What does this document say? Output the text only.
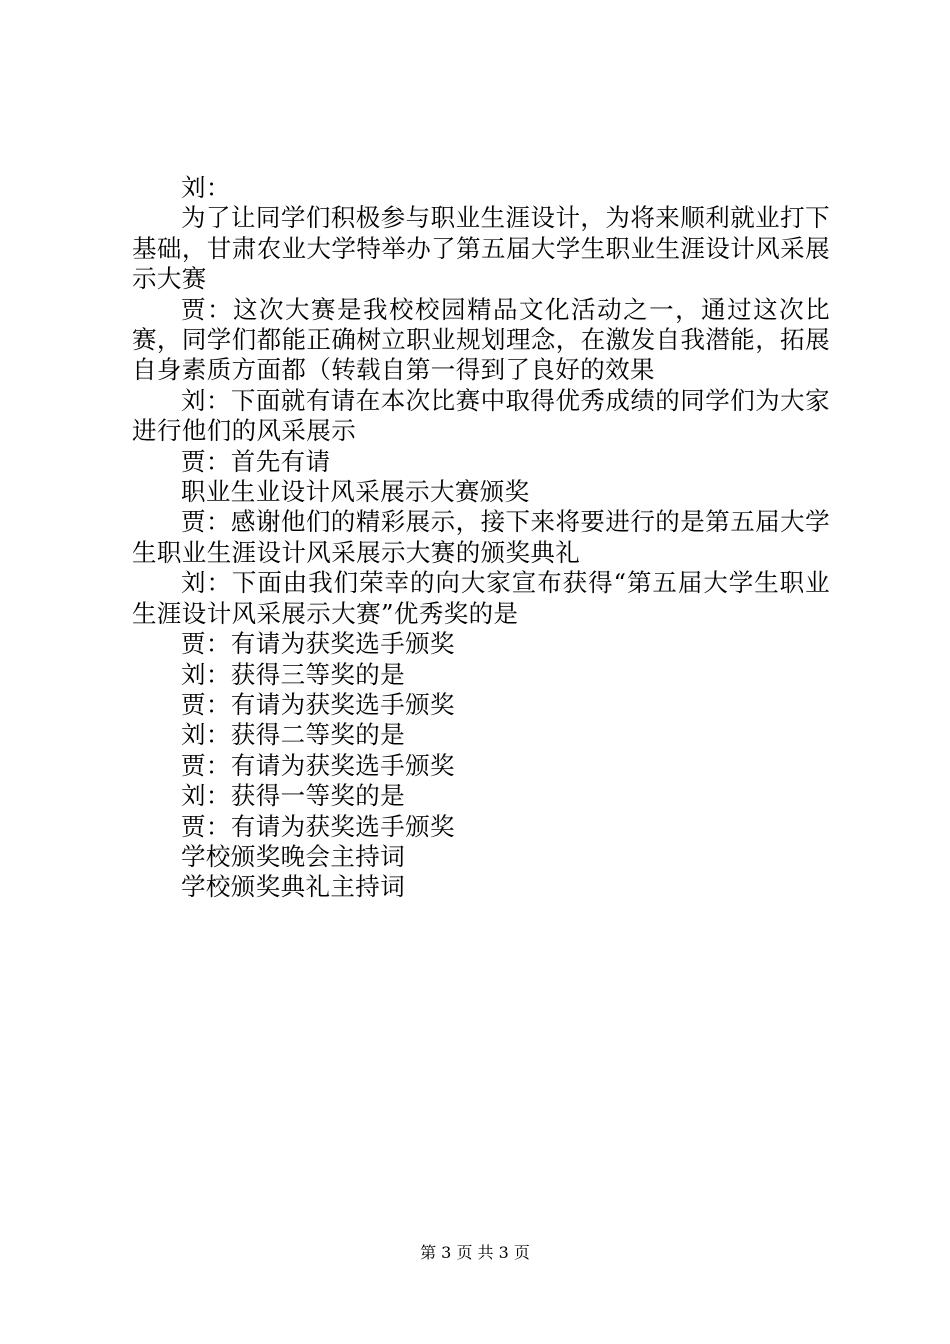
刘：

为了让同学们积极参与职业生涯设计，为将来顺利就业打下基础，甘肃农业大学特举办了第五届大学生职业生涯设计风采展示大赛

贾：这次大赛是我校校园精品文化活动之一，通过这次比赛，同学们都能正确树立职业规划理念，在激发自我潜能，拓展自身素质方面都（转载自第一得到了良好的效果

刘：下面就有请在本次比赛中取得优秀成绩的同学们为大家进行他们的风采展示

贾：首先有请

职业生业设计风采展示大赛颁奖

贾：感谢他们的精彩展示，接下来将要进行的是第五届大学生职业生涯设计风采展示大赛的颁奖典礼

刘：下面由我们荣幸的向大家宣布获得“第五届大学生职业生涯设计风采展示大赛”优秀奖的是

贾：有请为获奖选手颁奖

刘：获得三等奖的是

贾：有请为获奖选手颁奖

刘：获得二等奖的是

贾：有请为获奖选手颁奖

刘：获得一等奖的是

贾：有请为获奖选手颁奖

学校颁奖晚会主持词

学校颁奖典礼主持词

第 3 页 共 3 页
